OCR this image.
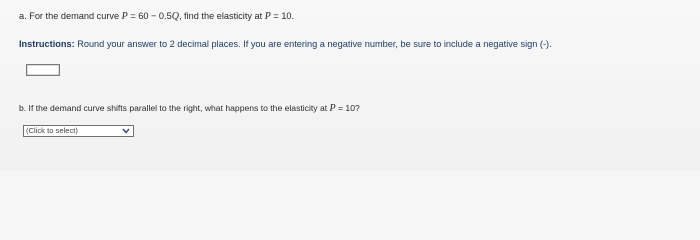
a. For the demand curve P = 60 − 0.5Q, find the elasticity at P = 10.
Instructions: Round your answer to 2 decimal places. If you are entering a negative number, be sure to include a negative sign (-).
b. If the demand curve shifts parallel to the right, what happens to the elasticity at P = 10?
(Click to select)
